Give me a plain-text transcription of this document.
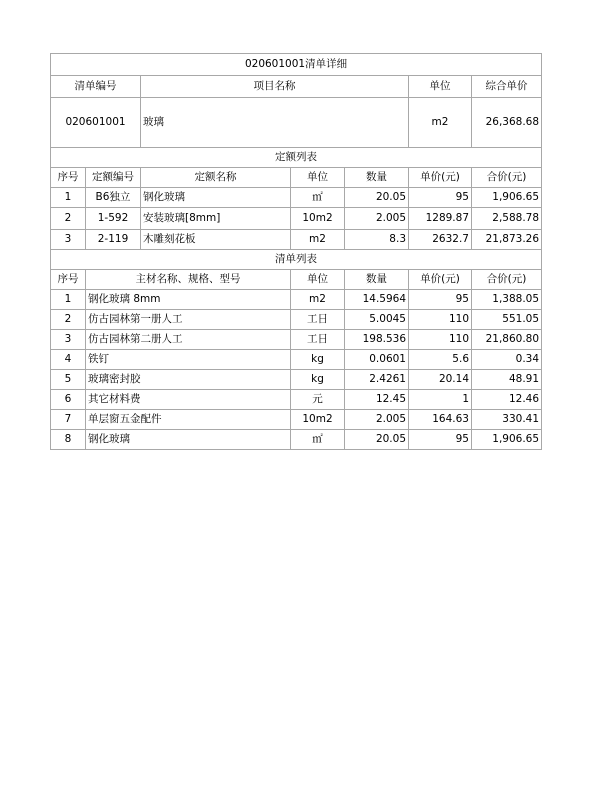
020601001清单详细						
清单编号		项目名称			单位	综合单价
020601001		玻璃			m2	26,368.68
定额列表						
序号	定额编号	定额名称	单位	数量	单价(元)	合价(元)
1	B6独立	钢化玻璃	㎡	20.05	95	1,906.65
2	1-592	安装玻璃[8mm]	10m2	2.005	1289.87	2,588.78
3	2-119	木雕刻花板	m2	8.3	2632.7	21,873.26
清单列表						
序号	主材名称、规格、型号		单位	数量	单价(元)	合价(元)
1	钢化玻璃 8mm		m2	14.5964	95	1,388.05
2	仿古园林第一册人工		工日	5.0045	110	551.05
3	仿古园林第二册人工		工日	198.536	110	21,860.80
4	铁钉		kg	0.0601	5.6	0.34
5	玻璃密封胶		kg	2.4261	20.14	48.91
6	其它材料费		元	12.45	1	12.46
7	单层窗五金配件		10m2	2.005	164.63	330.41
8	钢化玻璃		㎡	20.05	95	1,906.65
